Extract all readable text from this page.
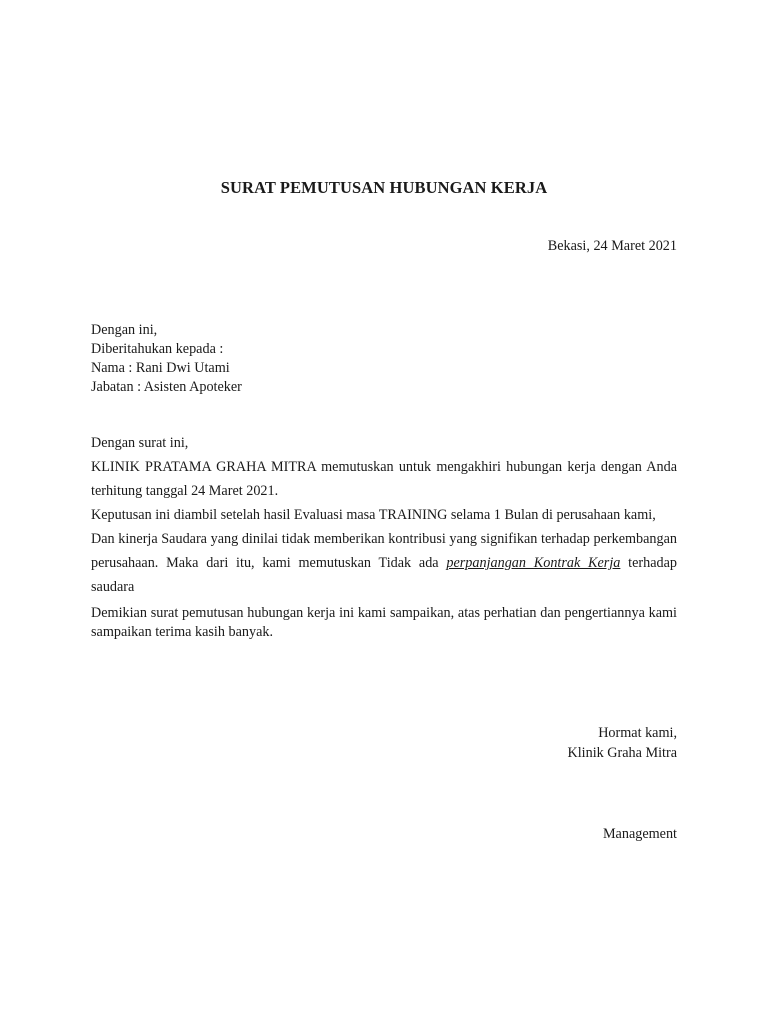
SURAT PEMUTUSAN HUBUNGAN KERJA
Bekasi, 24 Maret 2021
Dengan ini,
Diberitahukan kepada :
Nama : Rani Dwi Utami
Jabatan : Asisten Apoteker

Dengan surat ini,

KLINIK PRATAMA GRAHA MITRA memutuskan untuk mengakhiri hubungan kerja dengan Anda terhitung tanggal 24 Maret 2021.

Keputusan ini diambil setelah hasil Evaluasi masa TRAINING selama 1 Bulan di perusahaan kami,

Dan kinerja Saudara yang dinilai tidak memberikan kontribusi yang signifikan terhadap perkembangan perusahaan. Maka dari itu, kami memutuskan Tidak ada perpanjangan Kontrak Kerja terhadap saudara

Demikian surat pemutusan hubungan kerja ini kami sampaikan, atas perhatian dan pengertiannya kami sampaikan terima kasih banyak.
Hormat kami,
Klinik Graha Mitra
Management
